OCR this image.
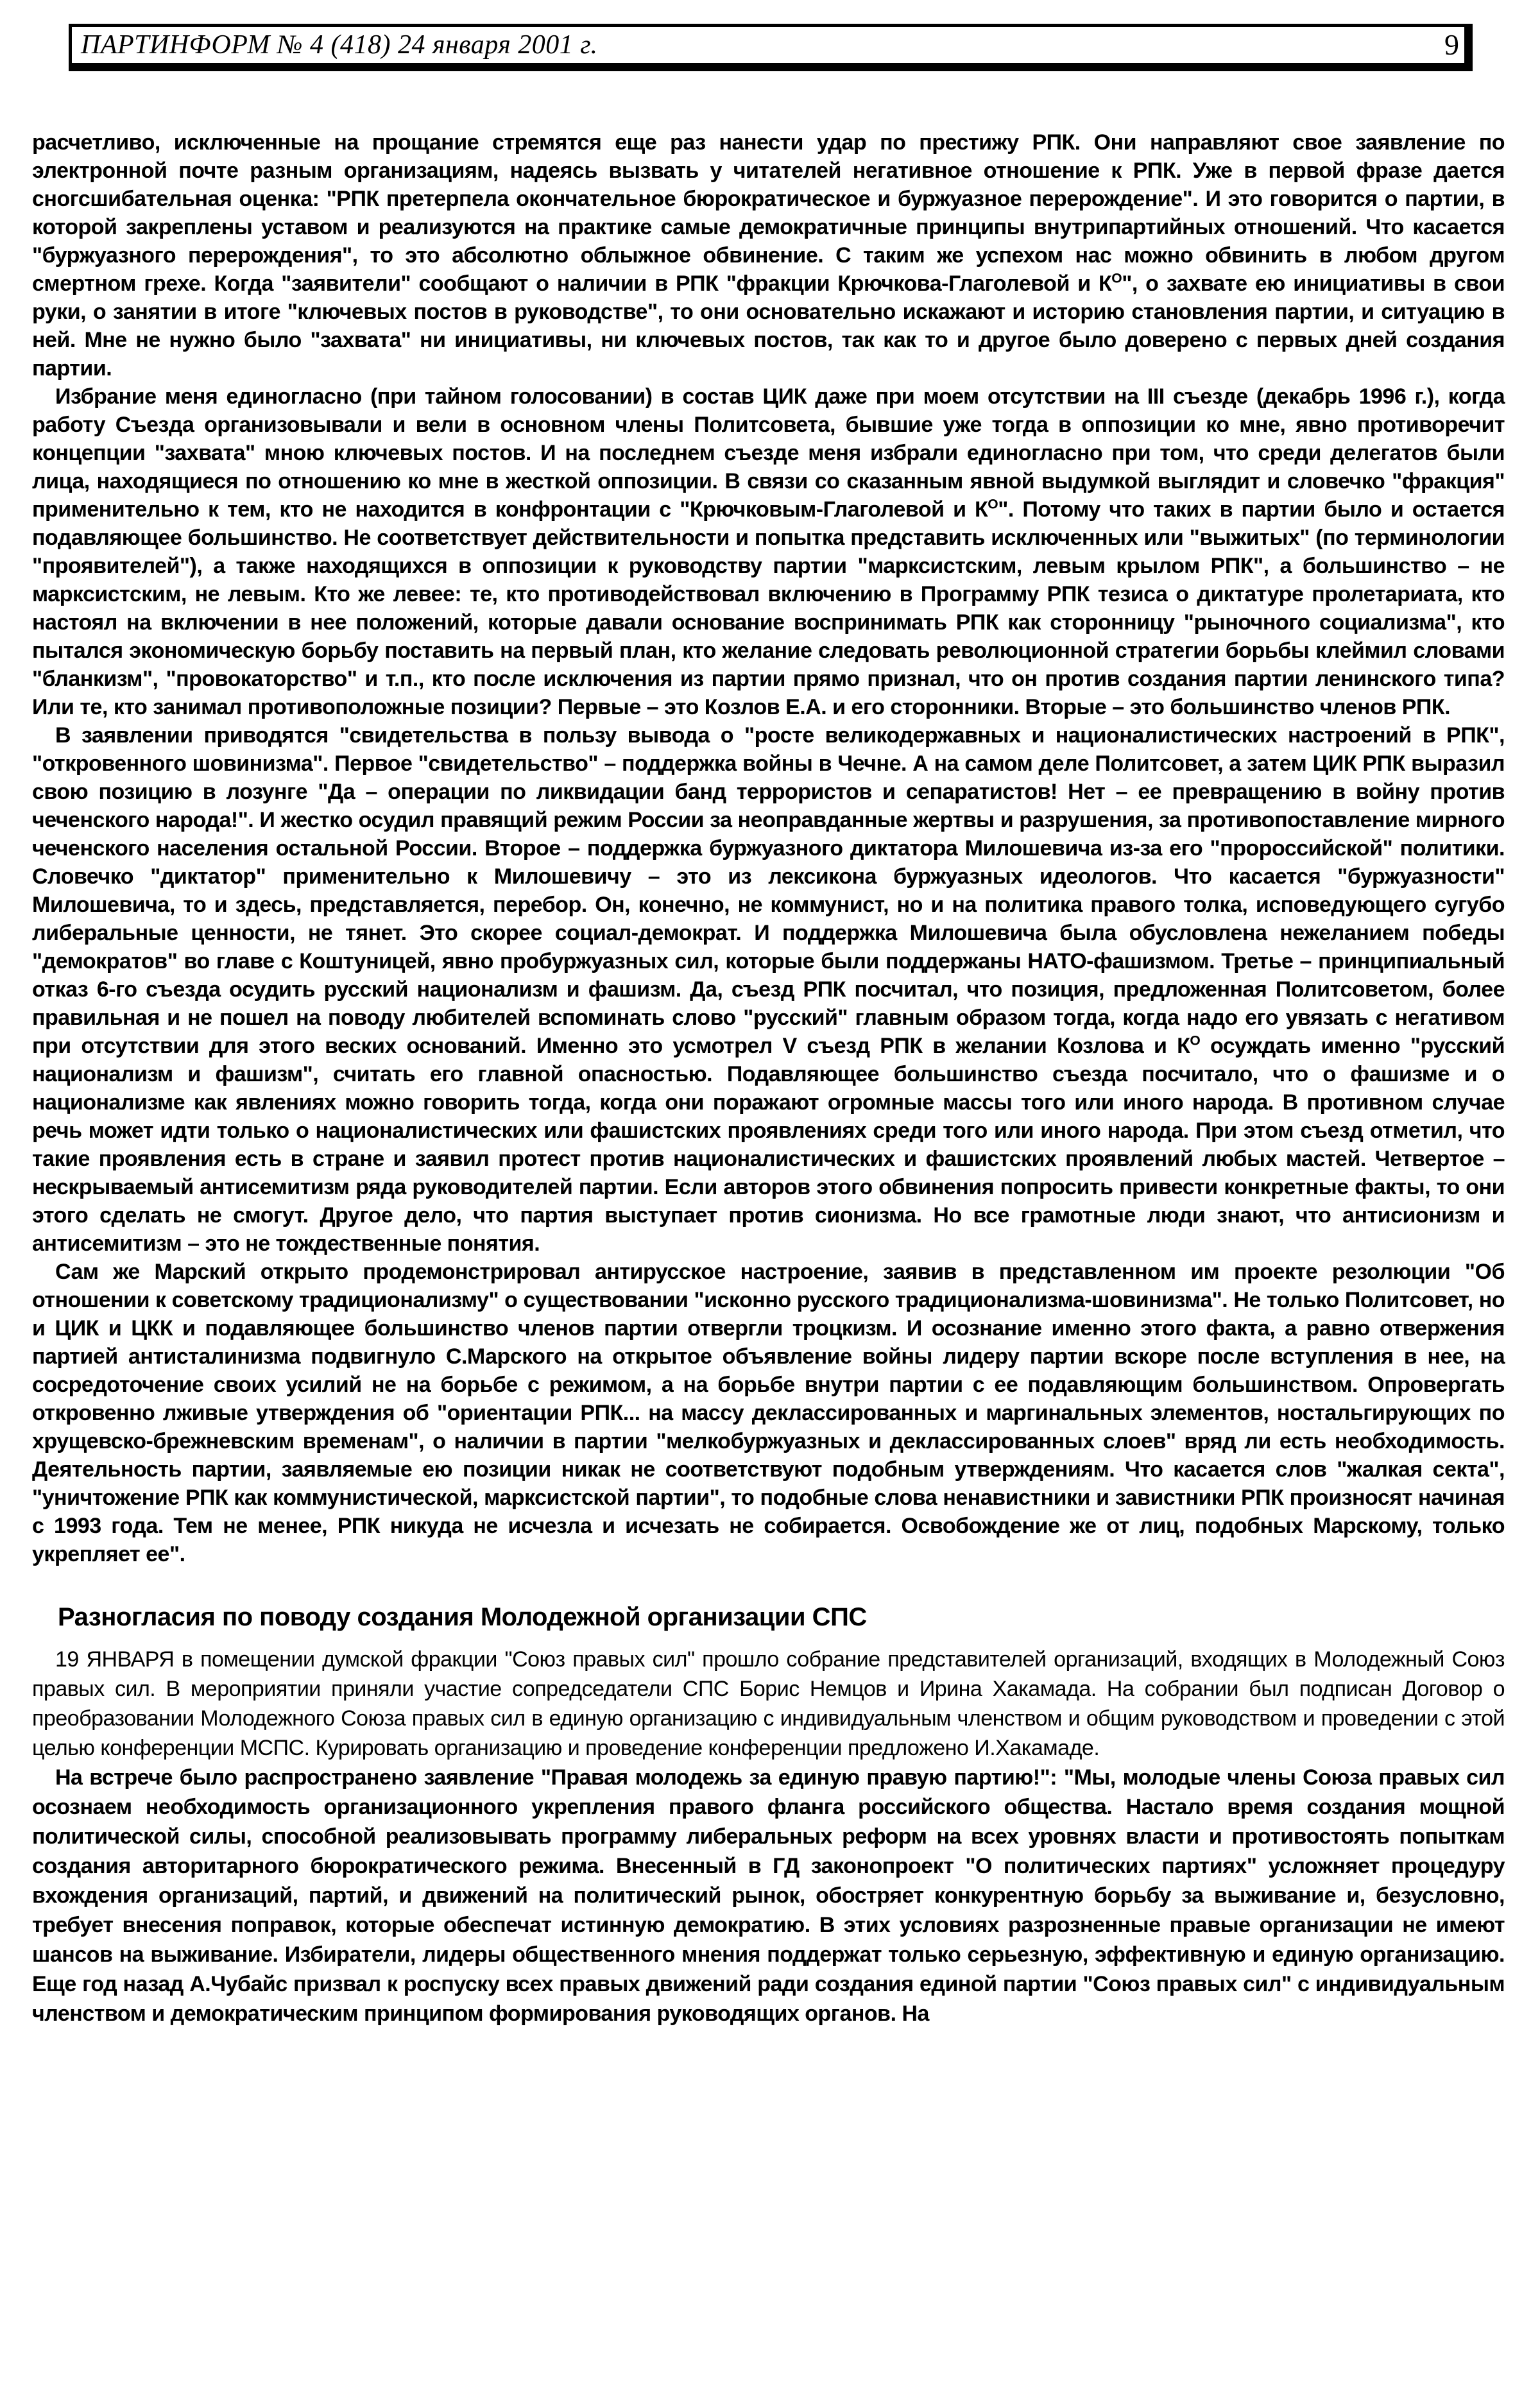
ПАРТИНФОРМ № 4 (418) 24 января 2001 г.	9

расчетливо, исключенные на прощание стремятся еще раз нанести удар по престижу РПК. Они направляют свое заявление по электронной почте разным организациям, надеясь вызвать у читателей негативное отношение к РПК. Уже в первой фразе дается сногсшибательная оценка: "РПК претерпела окончательное бюрократическое и буржуазное перерождение". И это говорится о партии, в которой закреплены уставом и реализуются на практике самые демократичные принципы внутрипартийных отношений. Что касается "буржуазного перерождения", то это абсолютно облыжное обвинение. С таким же успехом нас можно обвинить в любом другом смертном грехе. Когда "заявители" сообщают о наличии в РПК "фракции Крючкова-Глаголевой и $К^О$", о захвате ею инициативы в свои руки, о занятии в итоге "ключевых постов в руководстве", то они основательно искажают и историю становления партии, и ситуацию в ней. Мне не нужно было "захвата" ни инициативы, ни ключевых постов, так как то и другое было доверено с первых дней создания партии.

Избрание меня единогласно (при тайном голосовании) в состав ЦИК даже при моем отсутствии на III съезде (декабрь 1996 г.), когда работу Съезда организовывали и вели в основном члены Политсовета, бывшие уже тогда в оппозиции ко мне, явно противоречит концепции "захвата" мною ключевых постов. И на последнем съезде меня избрали единогласно при том, что среди делегатов были лица, находящиеся по отношению ко мне в жесткой оппозиции. В связи со сказанным явной выдумкой выглядит и словечко "фракция" применительно к тем, кто не находится в конфронтации с "Крючковым-Глаголевой и $К^О$". Потому что таких в партии было и остается подавляющее большинство. Не соответствует действительности и попытка представить исключенных или "выжитых" (по терминологии "проявителей"), а также находящихся в оппозиции к руководству партии "марксистским, левым крылом РПК", а большинство – не марксистским, не левым. Кто же левее: те, кто противодействовал включению в Программу РПК тезиса о диктатуре пролетариата, кто настоял на включении в нее положений, которые давали основание воспринимать РПК как сторонницу "рыночного социализма", кто пытался экономическую борьбу поставить на первый план, кто желание следовать революционной стратегии борьбы клеймил словами "бланкизм", "провокаторство" и т.п., кто после исключения из партии прямо признал, что он против создания партии ленинского типа? Или те, кто занимал противоположные позиции? Первые – это Козлов Е.А. и его сторонники. Вторые – это большинство членов РПК.

В заявлении приводятся "свидетельства в пользу вывода о "росте великодержавных и националистических настроений в РПК", "откровенного шовинизма". Первое "свидетельство" – поддержка войны в Чечне. А на самом деле Политсовет, а затем ЦИК РПК выразил свою позицию в лозунге "Да – операции по ликвидации банд террористов и сепаратистов! Нет – ее превращению в войну против чеченского народа!". И жестко осудил правящий режим России за неоправданные жертвы и разрушения, за противопоставление мирного чеченского населения остальной России. Второе – поддержка буржуазного диктатора Милошевича из-за его "пророссийской" политики. Словечко "диктатор" применительно к Милошевичу – это из лексикона буржуазных идеологов. Что касается "буржуазности" Милошевича, то и здесь, представляется, перебор. Он, конечно, не коммунист, но и на политика правого толка, исповедующего сугубо либеральные ценности, не тянет. Это скорее социал-демократ. И поддержка Милошевича была обусловлена нежеланием победы "демократов" во главе с Коштуницей, явно пробуржуазных сил, которые были поддержаны НАТО-фашизмом. Третье – принципиальный отказ 6-го съезда осудить русский национализм и фашизм. Да, съезд РПК посчитал, что позиция, предложенная Политсоветом, более правильная и не пошел на поводу любителей вспоминать слово "русский" главным образом тогда, когда надо его увязать с негативом при отсутствии для этого веских оснований. Именно это усмотрел V съезд РПК в желании Козлова и $К^О$ осуждать именно "русский национализм и фашизм", считать его главной опасностью. Подавляющее большинство съезда посчитало, что о фашизме и о национализме как явлениях можно говорить тогда, когда они поражают огромные массы того или иного народа. В противном случае речь может идти только о националистических или фашистских проявлениях среди того или иного народа. При этом съезд отметил, что такие проявления есть в стране и заявил протест против националистических и фашистских проявлений любых мастей. Четвертое – нескрываемый антисемитизм ряда руководителей партии. Если авторов этого обвинения попросить привести конкретные факты, то они этого сделать не смогут. Другое дело, что партия выступает против сионизма. Но все грамотные люди знают, что антисионизм и антисемитизм – это не тождественные понятия.

Сам же Марский открыто продемонстрировал антирусское настроение, заявив в представленном им проекте резолюции "Об отношении к советскому традиционализму" о существовании "исконно русского традиционализма-шовинизма". Не только Политсовет, но и ЦИК и ЦКК и подавляющее большинство членов партии отвергли троцкизм. И осознание именно этого факта, а равно отвержения партией антисталинизма подвигнуло С.Марского на открытое объявление войны лидеру партии вскоре после вступления в нее, на сосредоточение своих усилий не на борьбе с режимом, а на борьбе внутри партии с ее подавляющим большинством. Опровергать откровенно лживые утверждения об "ориентации РПК... на массу деклассированных и маргинальных элементов, ностальгирующих по хрущевско-брежневским временам", о наличии в партии "мелкобуржуазных и деклассированных слоев" вряд ли есть необходимость. Деятельность партии, заявляемые ею позиции никак не соответствуют подобным утверждениям. Что касается слов "жалкая секта", "уничтожение РПК как коммунистической, марксистской партии", то подобные слова ненавистники и завистники РПК произносят начиная с 1993 года. Тем не менее, РПК никуда не исчезла и исчезать не собирается. Освобождение же от лиц, подобных Марскому, только укрепляет ее".

Разногласия по поводу создания Молодежной организации СПС

19 ЯНВАРЯ в помещении думской фракции "Союз правых сил" прошло собрание представителей организаций, входящих в Молодежный Союз правых сил. В мероприятии приняли участие сопредседатели СПС Борис Немцов и Ирина Хакамада. На собрании был подписан Договор о преобразовании Молодежного Союза правых сил в единую организацию с индивидуальным членством и общим руководством и проведении с этой целью конференции МСПС. Курировать организацию и проведение конференции предложено И.Хакамаде.

На встрече было распространено заявление "Правая молодежь за единую правую партию!": "Мы, молодые члены Союза правых сил осознаем необходимость организационного укрепления правого фланга российского общества. Настало время создания мощной политической силы, способной реализовывать программу либеральных реформ на всех уровнях власти и противостоять попыткам создания авторитарного бюрократического режима. Внесенный в ГД законопроект "О политических партиях" усложняет процедуру вхождения организаций, партий, и движений на политический рынок, обостряет конкурентную борьбу за выживание и, безусловно, требует внесения поправок, которые обеспечат истинную демократию. В этих условиях разрозненные правые организации не имеют шансов на выживание. Избиратели, лидеры общественного мнения поддержат только серьезную, эффективную и единую организацию. Еще год назад А.Чубайс призвал к роспуску всех правых движений ради создания единой партии "Союз правых сил" с индивидуальным членством и демократическим принципом формирования руководящих органов. На
